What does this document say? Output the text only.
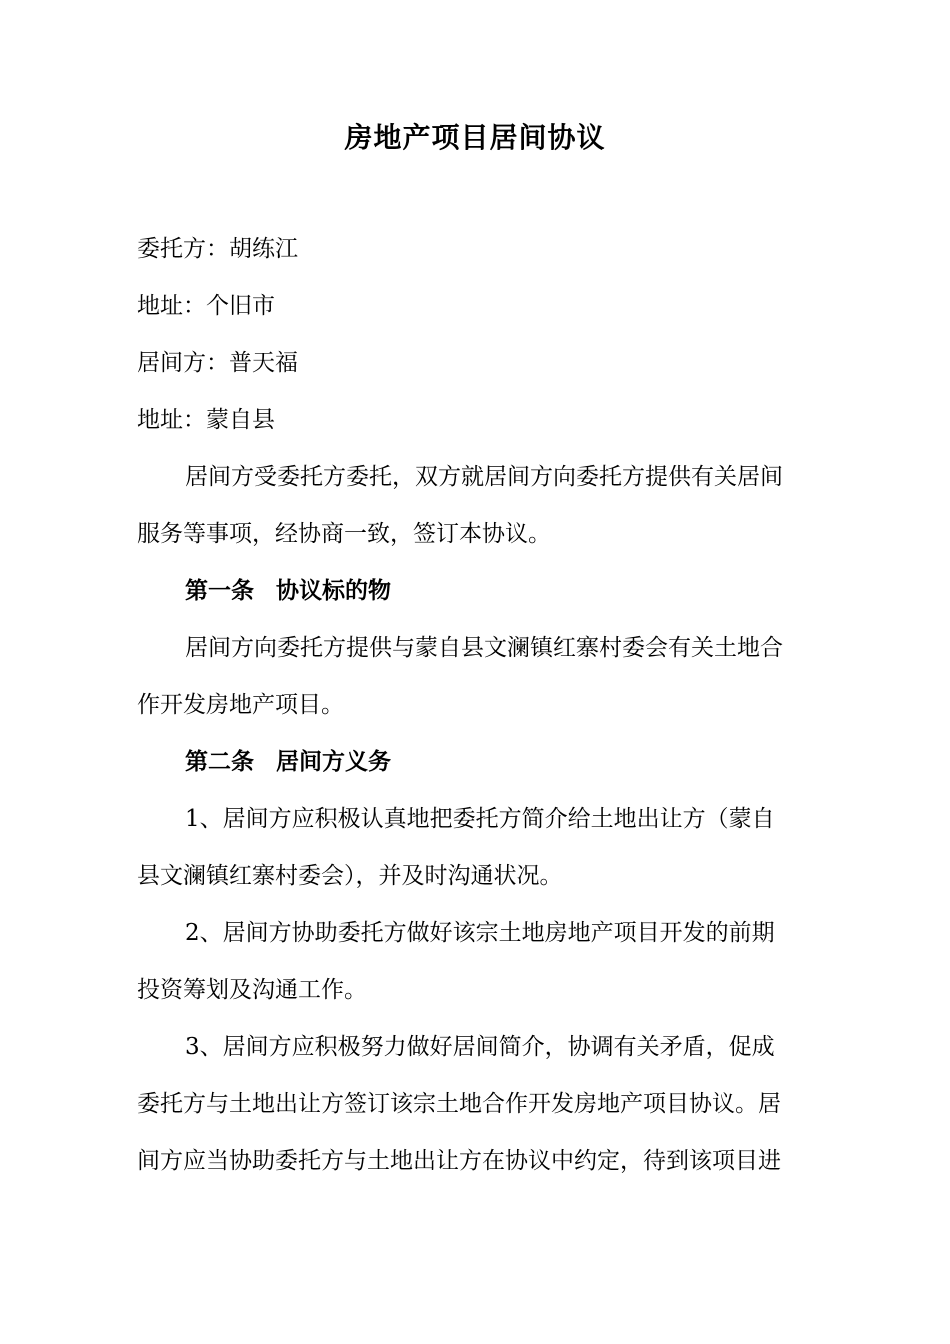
房地产项目居间协议
委托方：胡练江
地址：个旧市
居间方：普天福
地址：蒙自县
居间方受委托方委托，双方就居间方向委托方提供有关居间
服务等事项，经协商一致，签订本协议。
第一条 协议标的物
居间方向委托方提供与蒙自县文澜镇红寨村委会有关土地合
作开发房地产项目。
第二条 居间方义务
1、居间方应积极认真地把委托方简介给土地出让方（蒙自
县文澜镇红寨村委会），并及时沟通状况。
2、居间方协助委托方做好该宗土地房地产项目开发的前期
投资筹划及沟通工作。
3、居间方应积极努力做好居间简介，协调有关矛盾，促成
委托方与土地出让方签订该宗土地合作开发房地产项目协议。居
间方应当协助委托方与土地出让方在协议中约定，待到该项目进
